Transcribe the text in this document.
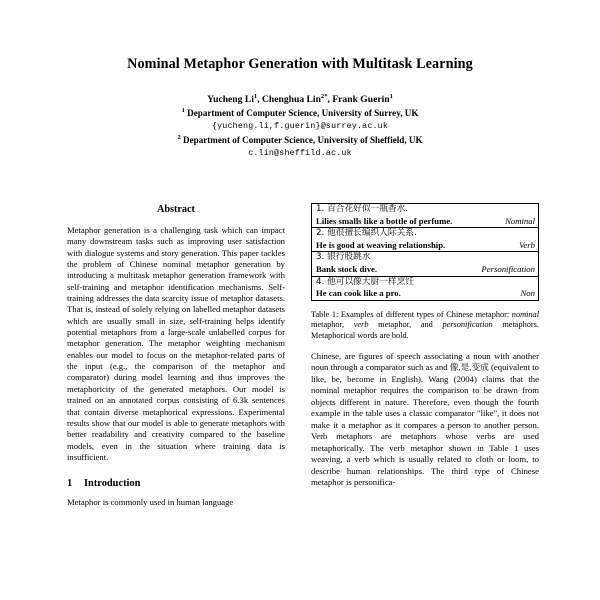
Nominal Metaphor Generation with Multitask Learning
Yucheng Li$^1$, Chenghua Lin$^{2*}$, Frank Guerin$^1$
$^1$ Department of Computer Science, University of Surrey, UK
{yucheng.li,f.guerin}@surrey.ac.uk
$^2$ Department of Computer Science, University of Sheffield, UK
c.lin@sheffild.ac.uk
Abstract

Metaphor generation is a challenging task which can impact many downstream tasks such as improving user satisfaction with dialogue systems and story generation. This paper tackles the problem of Chinese nominal metaphor generation by introducing a multitask metaphor generation framework with self-training and metaphor identification mechanisms. Self-training addresses the data scarcity issue of metaphor datasets. That is, instead of solely relying on labelled metaphor datasets which are usually small in size, self-training helps identify potential metaphors from a large-scale unlabelled corpus for metaphor generation. The metaphor weighting mechanism enables our model to focus on the metaphor-related parts of the input (e.g., the comparison of the metaphor and comparator) during model learning and thus improves the metaphoricity of the generated metaphors. Our model is trained on an annotated corpus consisting of 6.3k sentences that contain diverse metaphorical expressions. Experimental results show that our model is able to generate metaphors with better readability and creativity compared to the baseline models, even in the situation where training data is insufficient.

1 Introduction

Metaphor is commonly used in human language

1. 百合花好似一瓶香水.
Lilies smalls like a bottle of perfume.	Nominal

2. 他很擅长编织人际关系.
He is good at weaving relationship.	Verb

3. 银行股跳水
Bank stock dive.	Personification

4. 他可以像大厨一样烹饪
He can cook like a pro.	Non
Table 1: Examples of different types of Chinese metaphor: nominal metaphor, verb metaphor, and personification metaphors. Metaphorical words are bold.

Chinese, are figures of speech associating a noun with another noun through a comparator such as and 像,是,变成 (equivalent to like, be, become in English). Wang (2004) claims that the nominal metaphor requires the comparison to be drawn from objects different in nature. Therefore, even though the fourth example in the table uses a classic comparator "like", it does not make it a metaphor as it compares a person to another person. Verb metaphors are metaphors whose verbs are used metaphorically. The verb metaphor shown in Table 1 uses weaving, a verb which is usually related to cloth or loom, to describe human relationships. The third type of Chinese metaphor is personifica-
